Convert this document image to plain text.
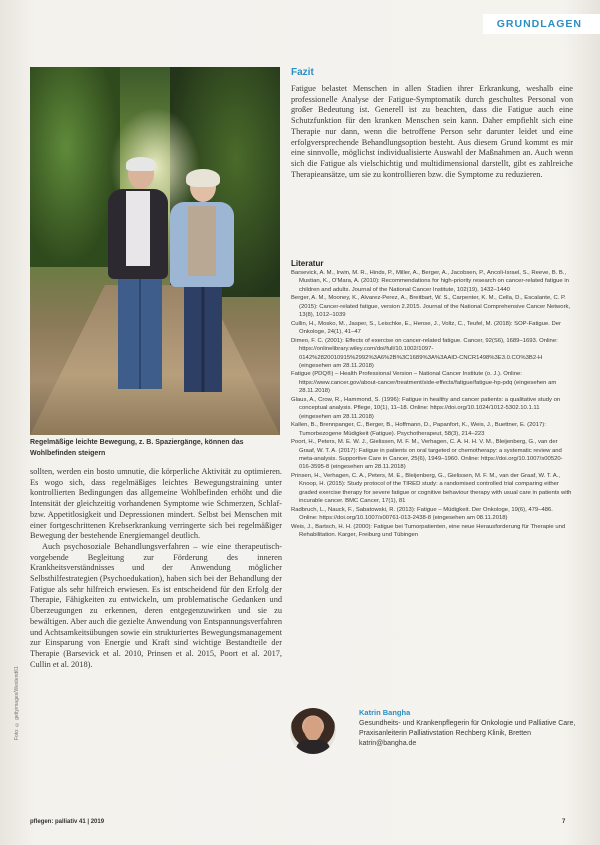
GRUNDLAGEN
Regelmäßige leichte Bewegung, z. B. Spaziergänge, können das Wohlbefinden steigern
Foto: © gettyimages/Westend61

sollten, werden ein bosto umnutie, die körperliche Aktivität zu optimieren. Es wogo sich, dass regelmäßiges leichtes Bewegungstraining unter kontrollierten Bedingungen das allgemeine Wohlbefinden erhöht und die Intensität der gleichzeitig vorhandenen Symptome wie Schmerzen, Schlaf- bzw. Appetitlosigkeit und Depressionen mindert. Selbst bei Menschen mit einer fortgeschrittenen Krebserkrankung verringerte sich bei regelmäßiger Bewegung der bestehende Energiemangel deutlich.

Auch psychosoziale Behandlungsverfahren – wie eine therapeutisch-vorgebende Begleitung zur Förderung des inneren Krankheitsverständnisses und der Anwendung möglicher Selbsthilfestrategien (Psychoedukation), haben sich bei der Behandlung der Fatigue als sehr hilfreich erwiesen. Es ist entscheidend für den Erfolg der Therapie, Fähigkeiten zu entwickeln, um problematische Gedanken und Überzeugungen zu erkennen, deren entgegenzuwirken und sie zu bewältigen. Aber auch die gezielte Anwendung von Entspannungsverfahren und Achtsamkeitsübungen sowie ein strukturiertes Bewegungsmanagement zur Einsparung von Energie und Kraft sind wichtige Bestandteile der Therapie (Barsevick et al. 2010, Prinsen et al. 2015, Poort et al. 2017, Cullin et al. 2018).

Fazit
Fatigue belastet Menschen in allen Stadien ihrer Erkrankung, weshalb eine professionelle Analyse der Fatigue-Symptomatik durch geschultes Personal von großer Bedeutung ist. Generell ist zu beachten, dass die Fatigue auch eine Schutzfunktion für den kranken Menschen sein kann. Daher empfiehlt sich eine Therapie nur dann, wenn die betroffene Person sehr darunter leidet und eine erfolgversprechende Behandlungsoption besteht. Aus diesem Grund kommt es mir eine sinnvolle, möglichst individualisierte Auswahl der Maßnahmen an. Auch wenn sich die Fatigue als vielschichtig und multidimensional darstellt, gibt es zahlreiche Therapieansätze, um sie zu kontrollieren bzw. die Symptome zu reduzieren.
Literatur
Barsevick, A. M., Irwin, M. R., Hinds, P., Miller, A., Berger, A., Jacobsen, P., Ancoli-Israel, S., Reeve, B. B., Mustian, K., O'Mara, A. (2010): Recommendations for high-priority research on cancer-related fatigue in children and adults. Journal of the National Cancer Institute, 102(19), 1432–1440
Berger, A. M., Mooney, K., Alvarez-Perez, A., Breitbart, W. S., Carpenter, K. M., Cella, D., Escalante, C. P. (2015): Cancer-related fatigue, version 2.2015. Journal of the National Comprehensive Cancer Network, 13(8), 1012–1039
Cullin, H., Mosko, M., Jasper, S., Leischke, E., Hense, J., Voltz, C., Teufel, M. (2018): SOP-Fatigue. Der Onkologe, 24(1), 41–47
Dimeo, F. C. (2001): Effects of exercise on cancer-related fatigue. Cancer, 92(S6), 1689–1693. Online: https://onlinelibrary.wiley.com/doi/full/10.1002/1097-0142%2820010915%2992%3A6%2B%3C1689%3A%3AAID-CNCR1498%3E3.0.CO%3B2-H (eingesehen am 28.11.2018)
Fatigue (PDQ®) – Health Professional Version – National Cancer Institute (o. J.). Online: https://www.cancer.gov/about-cancer/treatment/side-effects/fatigue/fatigue-hp-pdq (eingesehen am 28.11.2018)
Glaus, A., Crow, R., Hammond, S. (1996): Fatigue in healthy and cancer patients: a qualitative study on conceptual analysis. Pflege, 10(1), 11–18. Online: https://doi.org/10.1024/1012-5302.10.1.11 (eingesehen am 28.11.2018)
Kallen, B., Brennpanger, C., Berger, B., Hoffmann, D., Papanfort, K., Weis, J., Buettner, E. (2017): Tumorbezogene Müdigkeit (Fatigue). Psychotherapeut, 58(3), 214–223
Poort, H., Peters, M. E. W. J., Gielissen, M. F. M., Verhagen, C. A. H. H. V. M., Bleijenberg, G., van der Graaf, W. T. A. (2017): Fatigue in patients on oral targeted or chemotherapy: a systematic review and meta-analysis. Supportive Care in Cancer, 25(6), 1949–1960. Online: https://doi.org/10.1007/s00520-016-3595-8 (eingesehen am 28.11.2018)
Prinsen, H., Verhagen, C. A., Peters, M. E., Bleijenberg, G., Gielissen, M. F. M., van der Graaf, W. T. A., Knoop, H. (2015): Study protocol of the TIRED study: a randomised controlled trial comparing either graded exercise therapy for severe fatigue or cognitive behaviour therapy with usual care in patients with incurable cancer. BMC Cancer, 17(1), 81
Radbruch, L., Nauck, F., Sabatowski, R. (2013): Fatigue – Müdigkeit. Der Onkologe, 19(6), 479–486. Online: https://doi.org/10.1007/s00761-013-2438-8 (eingesehen am 08.11.2018)
Weis, J., Bartsch, H. H. (2000): Fatigue bei Tumorpatienten, eine neue Herausforderung für Therapie und Rehabilitation. Karger, Freiburg und Tübingen
Katrin Bangha
Gesundheits- und Krankenpflegerin für Onkologie und Palliative Care, Praxisanleiterin Palliativstation Rechberg Klinik, Bretten
katrin@bangha.de
pflegen: palliativ 41 | 2019	7
